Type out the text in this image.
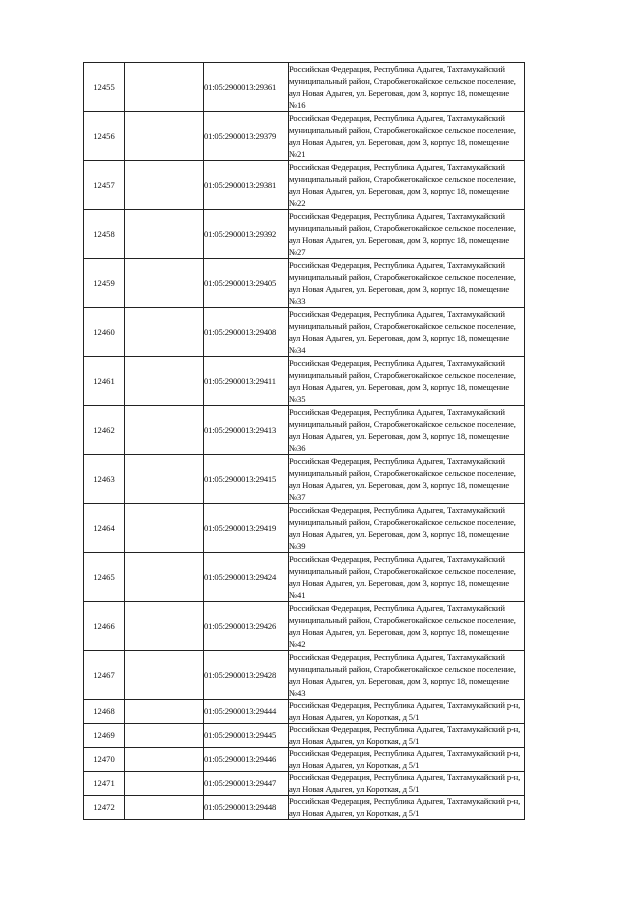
12455		01:05:2900013:29361	Российская Федерация, Республика Адыгея, Тахтамукайский муниципальный район, Старобжегокайское сельское поселение, аул Новая Адыгея, ул. Береговая, дом 3, корпус 18, помещение №16
12456		01:05:2900013:29379	Российская Федерация, Республика Адыгея, Тахтамукайский муниципальный район, Старобжегокайское сельское поселение, аул Новая Адыгея, ул. Береговая, дом 3, корпус 18, помещение №21
12457		01:05:2900013:29381	Российская Федерация, Республика Адыгея, Тахтамукайский муниципальный район, Старобжегокайское сельское поселение, аул Новая Адыгея, ул. Береговая, дом 3, корпус 18, помещение №22
12458		01:05:2900013:29392	Российская Федерация, Республика Адыгея, Тахтамукайский муниципальный район, Старобжегокайское сельское поселение, аул Новая Адыгея, ул. Береговая, дом 3, корпус 18, помещение №27
12459		01:05:2900013:29405	Российская Федерация, Республика Адыгея, Тахтамукайский муниципальный район, Старобжегокайское сельское поселение, аул Новая Адыгея, ул. Береговая, дом 3, корпус 18, помещение №33
12460		01:05:2900013:29408	Российская Федерация, Республика Адыгея, Тахтамукайский муниципальный район, Старобжегокайское сельское поселение, аул Новая Адыгея, ул. Береговая, дом 3, корпус 18, помещение №34
12461		01:05:2900013:29411	Российская Федерация, Республика Адыгея, Тахтамукайский муниципальный район, Старобжегокайское сельское поселение, аул Новая Адыгея, ул. Береговая, дом 3, корпус 18, помещение №35
12462		01:05:2900013:29413	Российская Федерация, Республика Адыгея, Тахтамукайский муниципальный район, Старобжегокайское сельское поселение, аул Новая Адыгея, ул. Береговая, дом 3, корпус 18, помещение №36
12463		01:05:2900013:29415	Российская Федерация, Республика Адыгея, Тахтамукайский муниципальный район, Старобжегокайское сельское поселение, аул Новая Адыгея, ул. Береговая, дом 3, корпус 18, помещение №37
12464		01:05:2900013:29419	Российская Федерация, Республика Адыгея, Тахтамукайский муниципальный район, Старобжегокайское сельское поселение, аул Новая Адыгея, ул. Береговая, дом 3, корпус 18, помещение №39
12465		01:05:2900013:29424	Российская Федерация, Республика Адыгея, Тахтамукайский муниципальный район, Старобжегокайское сельское поселение, аул Новая Адыгея, ул. Береговая, дом 3, корпус 18, помещение №41
12466		01:05:2900013:29426	Российская Федерация, Республика Адыгея, Тахтамукайский муниципальный район, Старобжегокайское сельское поселение, аул Новая Адыгея, ул. Береговая, дом 3, корпус 18, помещение №42
12467		01:05:2900013:29428	Российская Федерация, Республика Адыгея, Тахтамукайский муниципальный район, Старобжегокайское сельское поселение, аул Новая Адыгея, ул. Береговая, дом 3, корпус 18, помещение №43
12468		01:05:2900013:29444	Российская Федерация, Республика Адыгея, Тахтамукайский р-н, аул Новая Адыгея, ул Короткая, д 5/1
12469		01:05:2900013:29445	Российская Федерация, Республика Адыгея, Тахтамукайский р-н, аул Новая Адыгея, ул Короткая, д 5/1
12470		01:05:2900013:29446	Российская Федерация, Республика Адыгея, Тахтамукайский р-н, аул Новая Адыгея, ул Короткая, д 5/1
12471		01:05:2900013:29447	Российская Федерация, Республика Адыгея, Тахтамукайский р-н, аул Новая Адыгея, ул Короткая, д 5/1
12472		01:05:2900013:29448	Российская Федерация, Республика Адыгея, Тахтамукайский р-н, аул Новая Адыгея, ул Короткая, д 5/1
